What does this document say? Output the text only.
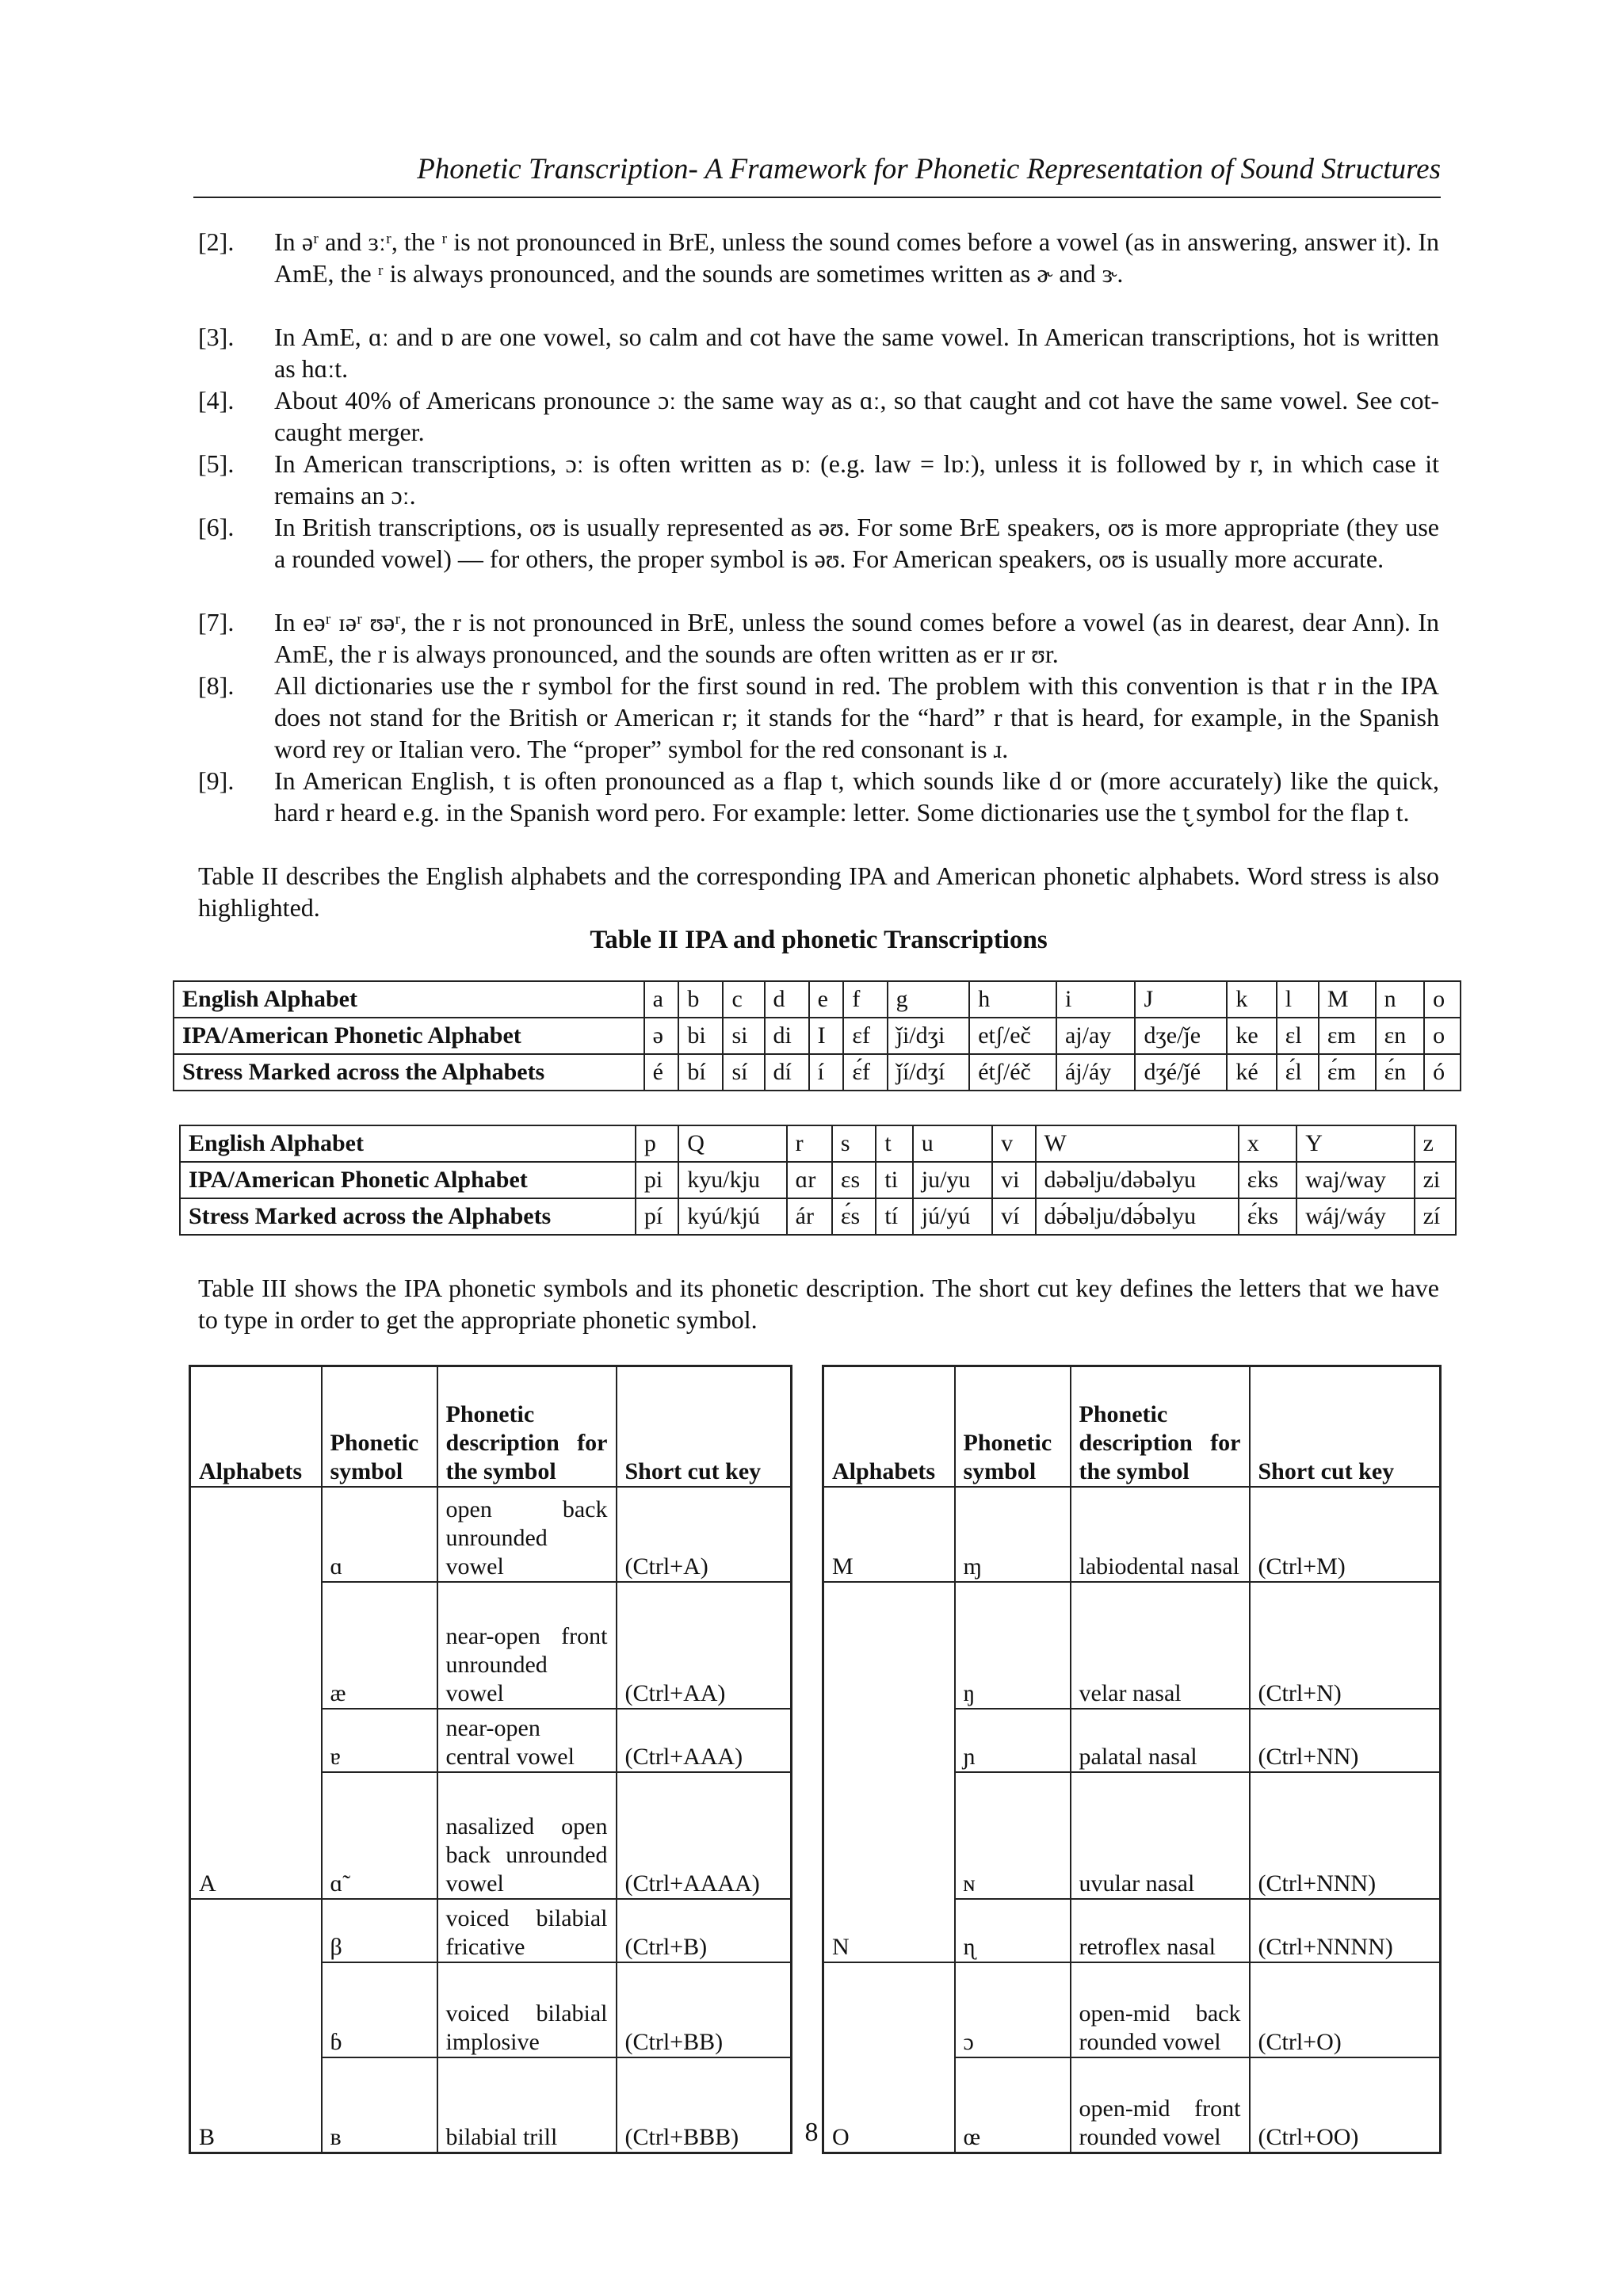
Phonetic Transcription- A Framework for Phonetic Representation of Sound Structures
[2].	In əʳ and ɜːʳ, the ʳ is not pronounced in BrE, unless the sound comes before a vowel (as in answering, answer it). In AmE, the ʳ is always pronounced, and the sounds are sometimes written as ɚ and ɝ.
[3].	In AmE, ɑː and ɒ are one vowel, so calm and cot have the same vowel. In American transcriptions, hot is written as hɑːt.
[4].	About 40% of Americans pronounce ɔː the same way as ɑː, so that caught and cot have the same vowel. See cot-caught merger.
[5].	In American transcriptions, ɔː is often written as ɒː (e.g. law = lɒː), unless it is followed by r, in which case it remains an ɔː.
[6].	In British transcriptions, oʊ is usually represented as əʊ. For some BrE speakers, oʊ is more appropriate (they use a rounded vowel) — for others, the proper symbol is əʊ. For American speakers, oʊ is usually more accurate.
[7].	In eəʳ ɪəʳ ʊəʳ, the r is not pronounced in BrE, unless the sound comes before a vowel (as in dearest, dear Ann). In AmE, the r is always pronounced, and the sounds are often written as er ɪr ʊr.
[8].	All dictionaries use the r symbol for the first sound in red. The problem with this convention is that r in the IPA does not stand for the British or American r; it stands for the “hard” r that is heard, for example, in the Spanish word rey or Italian vero. The “proper” symbol for the red consonant is ɹ.
[9].	In American English, t is often pronounced as a flap t, which sounds like d or (more accurately) like the quick, hard r heard e.g. in the Spanish word pero. For example: letter. Some dictionaries use the t̬ symbol for the flap t.
Table II describes the English alphabets and the corresponding IPA and American phonetic alphabets. Word stress is also highlighted.
Table II IPA and phonetic Transcriptions
English Alphabet	a	b	c	d	e	f	g	h	i	J	k	l	M	n	o
IPA/American Phonetic Alphabet	ə	bi	si	di	I	ɛf	ǰi/dʒi	etʃ/eč	aj/ay	dʒe/ǰe	ke	ɛl	ɛm	ɛn	o
Stress Marked across the Alphabets	é	bí	sí	dí	í	ɛ́f	ǰí/dʒí	étʃ/éč	áj/áy	dʒé/ǰé	ké	ɛ́l	ɛ́m	ɛ́n	ó
English Alphabet	p	Q	r	s	t	u	v	W	x	Y	z
IPA/American Phonetic Alphabet	pi	kyu/kju	ɑr	ɛs	ti	ju/yu	vi	dəbəlju/dəbəlyu	ɛks	waj/way	zi
Stress Marked across the Alphabets	pí	kyú/kjú	ár	ɛ́s	tí	jú/yú	ví	də́bəlju/də́bəlyu	ɛ́ks	wáj/wáy	zí
Table III shows the IPA phonetic symbols and its phonetic description. The short cut key defines the letters that we have to type in order to get the appropriate phonetic symbol.
Alphabets	Phonetic symbol	Phonetic description for the symbol	Short cut key
A	ɑ	open back unrounded vowel	(Ctrl+A)
	æ	near-open front unrounded vowel	(Ctrl+AA)
	ɐ	near-open central vowel	(Ctrl+AAA)
	ɑ̃	nasalized open back unrounded vowel	(Ctrl+AAAA)
B	β	voiced bilabial fricative	(Ctrl+B)
	ɓ	voiced bilabial implosive	(Ctrl+BB)
	ʙ	bilabial trill	(Ctrl+BBB)
Alphabets	Phonetic symbol	Phonetic description for the symbol	Short cut key
M	ɱ	labiodental nasal	(Ctrl+M)
N	ŋ	velar nasal	(Ctrl+N)
	ɲ	palatal nasal	(Ctrl+NN)
	ɴ	uvular nasal	(Ctrl+NNN)
	ɳ	retroflex nasal	(Ctrl+NNNN)
O	ɔ	open-mid back rounded vowel	(Ctrl+O)
	œ	open-mid front rounded vowel	(Ctrl+OO)
8
